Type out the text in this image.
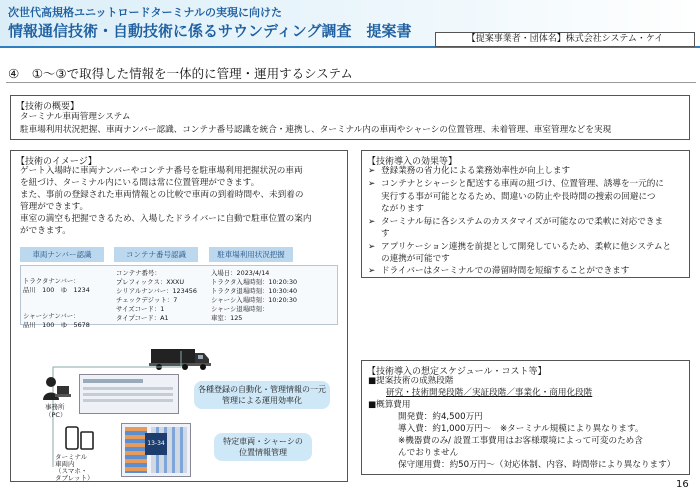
次世代高規格ユニットロードターミナルの実現に向けた
情報通信技術・自動技術に係るサウンディング調査　提案書	【提案事業者・団体名】株式会社システム・ケイ
④　①～③で取得した情報を一体的に管理・運用するシステム
【技術の概要】
ターミナル車両管理システム
駐車場利用状況把握、車両ナンバー認識、コンテナ番号認識を統合・連携し、ターミナル内の車両やシャーシの位置管理、未着管理、車室管理などを実現
【技術のイメージ】
ゲート入場時に車両ナンバーやコンテナ番号を駐車場利用把握状況の車両
を紐づけ、ターミナル内にいる間は常に位置管理ができます。
また、事前の登録された車両情報との比較で車両の到着時間や、未到着の
管理ができます。
車室の満空も把握できるため、入場したドライバーに自動で駐車位置の案内
ができます。
車両ナンバー認識	コンテナ番号認識	駐車場利用状況把握
トラクタナンバー：
品川　100　ゆ　1234
シャーシナンバー：
品川　100　ゆ　5678
コンテナ番号：
プレフィックス：XXXU
シリアルナンバー：123456
チェックデジット：7
サイズコード：1
タイプコード：A1
入場日：2023/4/14
トラクタ入場時刻：10:20:30
トラクタ退場時刻：10:30:40
シャーシ入場時刻：10:20:30
シャーシ退場時刻：
車室：125
事務所
（PC）
各種登録の自動化・管理情報の一元
管理による運用効率化
ターミナル
車両内
（スマホ・
タブレット）
13-34	特定車両・シャーシの
位置情報管理
【技術導入の効果等】
➢ 登録業務の省力化による業務効率性が向上します
➢ コンテナとシャーシと配送する車両の紐づけ、位置管理、誘導を一元的に
実行する事が可能となるため、間違いの防止や長時間の捜索の回避につ
ながります
➢ ターミナル毎に各システムのカスタマイズが可能なので柔軟に対応できま
す
➢ アプリケーション連携を前提として開発しているため、柔軟に他システムと
の連携が可能です
➢ ドライバーはターミナルでの滞留時間を短縮することができます
【技術導入の想定スケジュール・コスト等】
■提案技術の成熟段階
研究・技術開発段階／実証段階／事業化・商用化段階
■概算費用
開発費：約4,500万円
導入費：約1,000万円～　※ターミナル規模により異なります。
※機器費のみ/ 設置工事費用はお客様環境によって可変のため含
んでおりません
保守運用費：約50万円～（対応体制、内容、時間帯により異なります）
16
